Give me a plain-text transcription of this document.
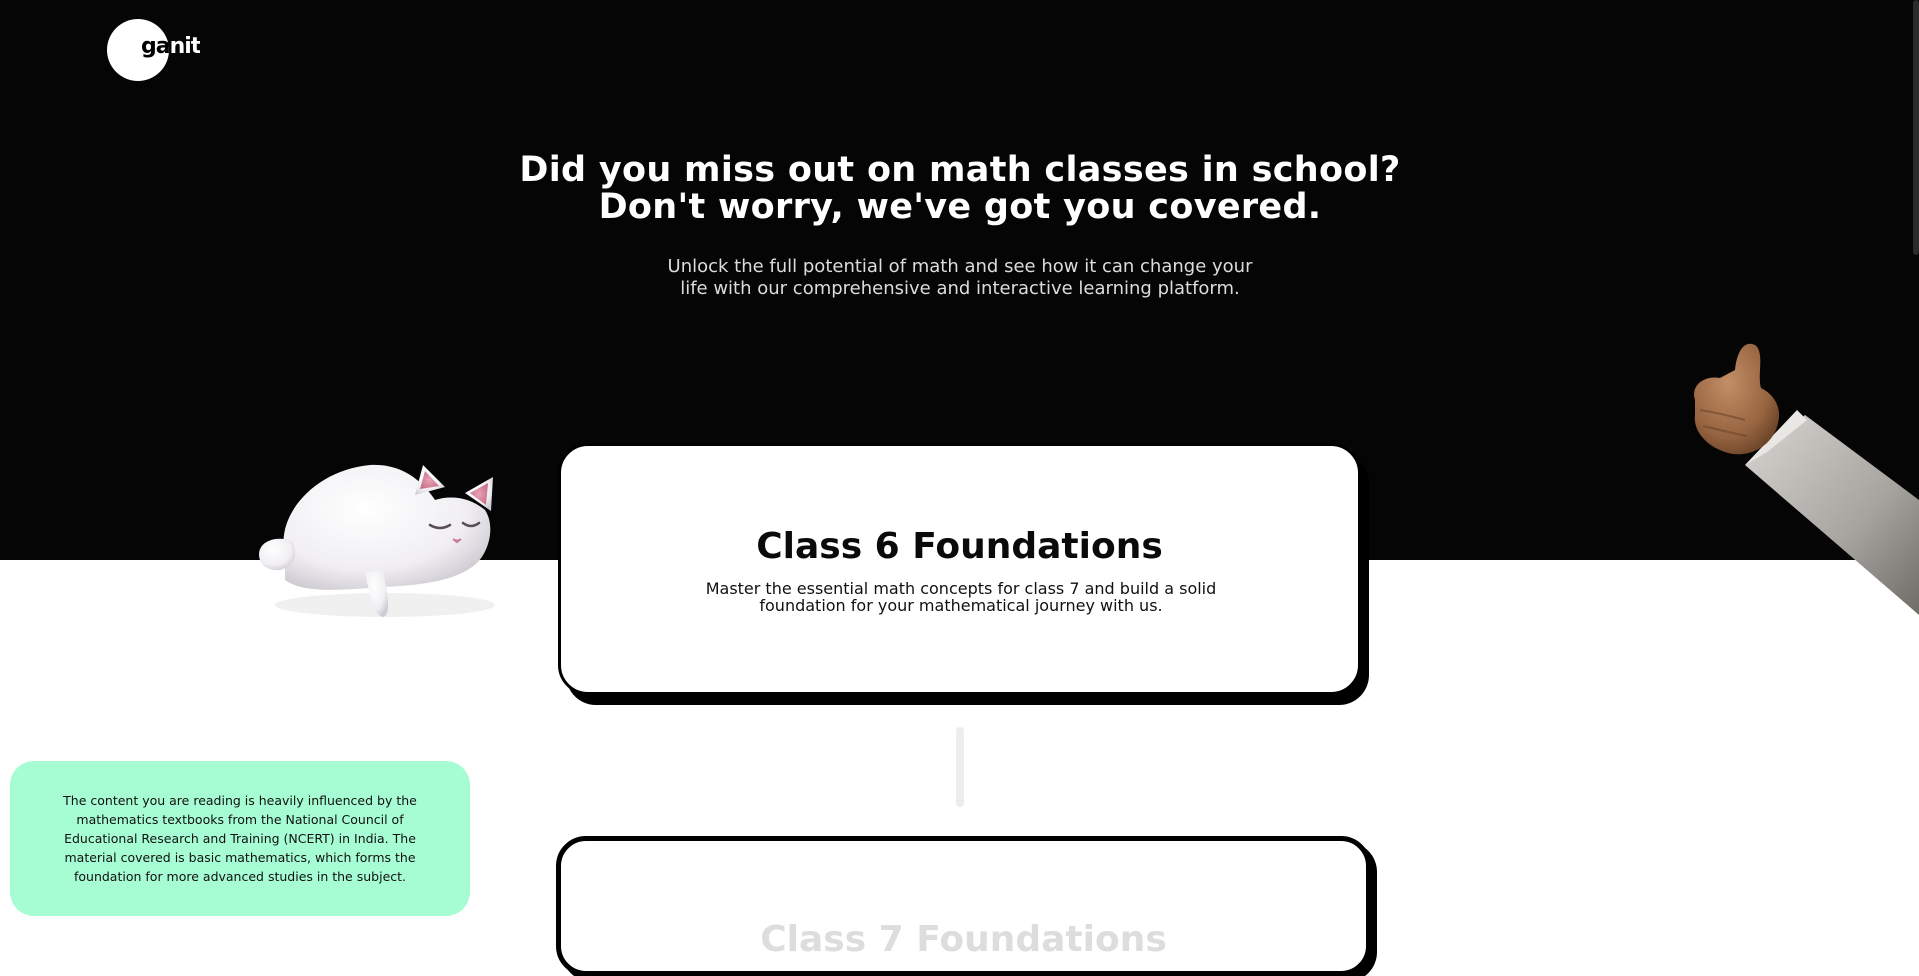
ganit
Did you miss out on math classes in school?
Don't worry, we've got you covered.

Unlock the full potential of math and see how it can change your life with our comprehensive and interactive learning platform.

Class 6 Foundations

Master the essential math concepts for class 7 and build a solid foundation for your mathematical journey with us.

Class 7 Foundations

The content you are reading is heavily influenced by the mathematics textbooks from the National Council of Educational Research and Training (NCERT) in India. The material covered is basic mathematics, which forms the foundation for more advanced studies in the subject.
